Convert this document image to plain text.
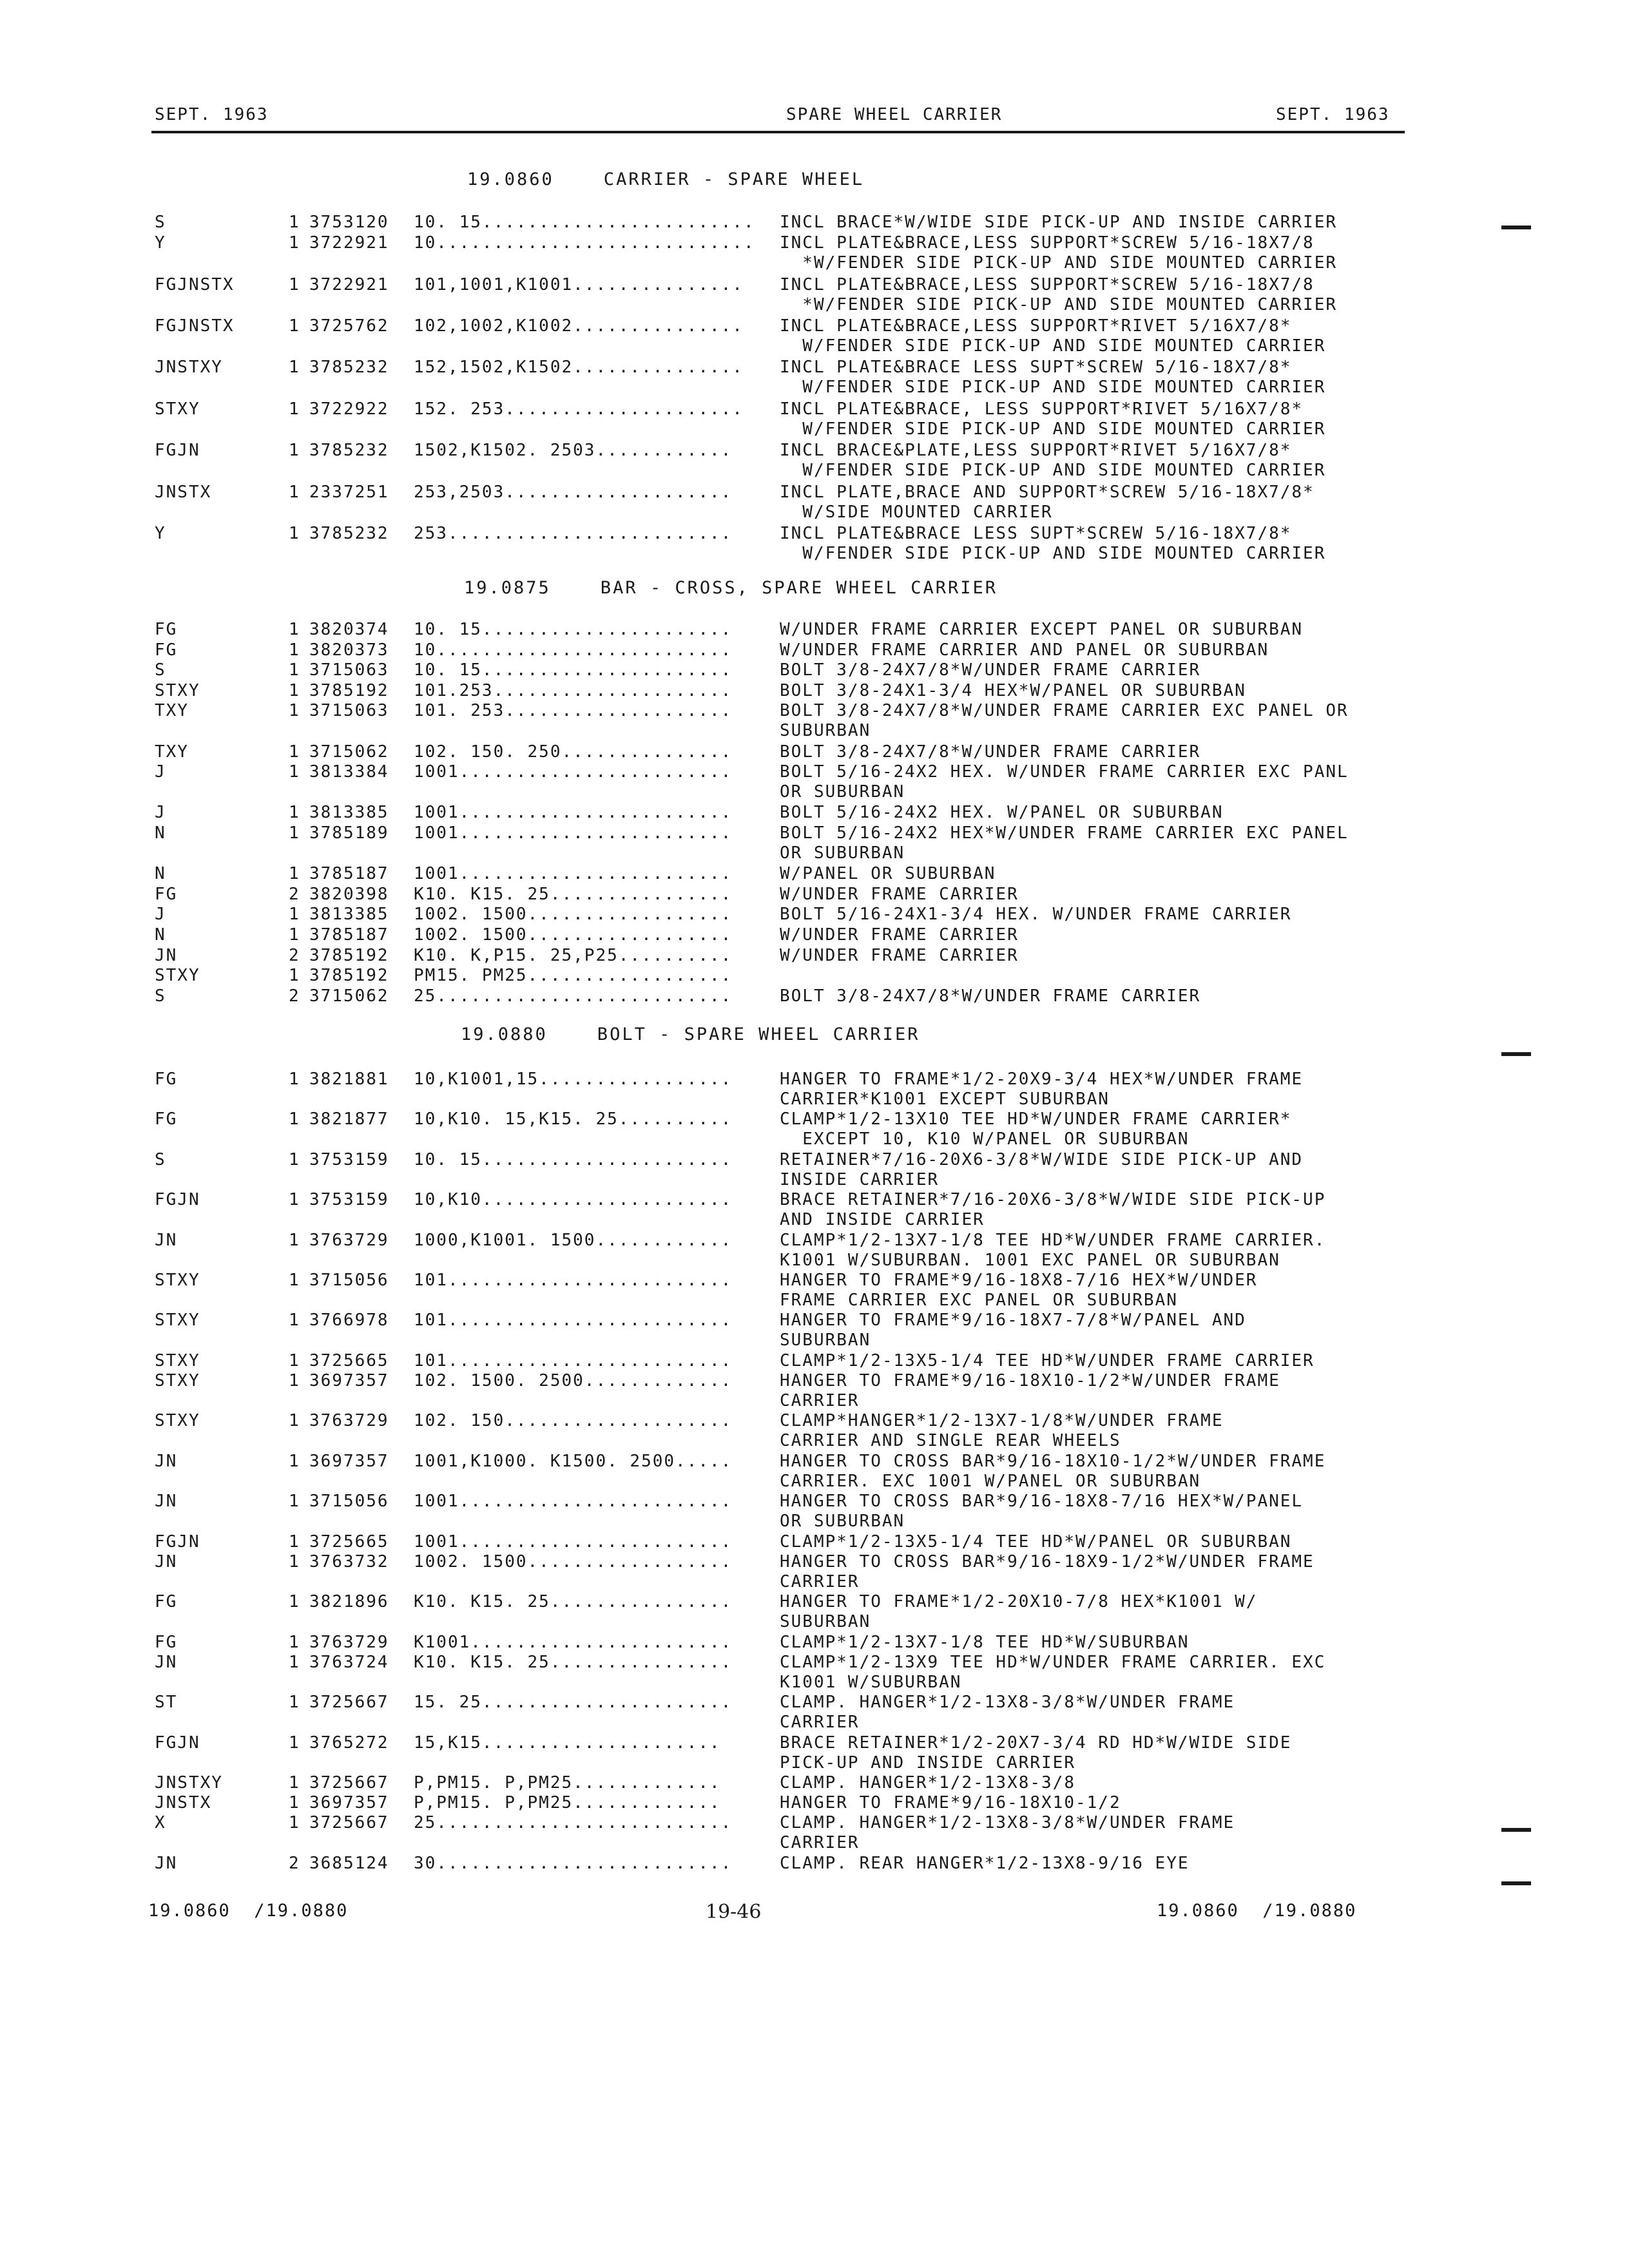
SEPT. 1963	SPARE WHEEL CARRIER	SEPT. 1963
19.0860    CARRIER - SPARE WHEEL
S	1 3753120 10. 15........................ INCL BRACE*W/WIDE SIDE PICK-UP AND INSIDE CARRIER
Y	1 3722921 10............................ INCL PLATE&BRACE,LESS SUPPORT*SCREW 5/16-18X7/8
*W/FENDER SIDE PICK-UP AND SIDE MOUNTED CARRIER
FGJNSTX	1 3722921 101,1001,K1001............... INCL PLATE&BRACE,LESS SUPPORT*SCREW 5/16-18X7/8
*W/FENDER SIDE PICK-UP AND SIDE MOUNTED CARRIER
FGJNSTX	1 3725762 102,1002,K1002............... INCL PLATE&BRACE,LESS SUPPORT*RIVET 5/16X7/8*
W/FENDER SIDE PICK-UP AND SIDE MOUNTED CARRIER
JNSTXY	1 3785232 152,1502,K1502............... INCL PLATE&BRACE LESS SUPT*SCREW 5/16-18X7/8*
W/FENDER SIDE PICK-UP AND SIDE MOUNTED CARRIER
STXY	1 3722922 152. 253..................... INCL PLATE&BRACE, LESS SUPPORT*RIVET 5/16X7/8*
W/FENDER SIDE PICK-UP AND SIDE MOUNTED CARRIER
FGJN	1 3785232 1502,K1502. 2503............	INCL BRACE&PLATE,LESS SUPPORT*RIVET 5/16X7/8*
W/FENDER SIDE PICK-UP AND SIDE MOUNTED CARRIER
JNSTX	1 2337251 253,2503....................	INCL PLATE,BRACE AND SUPPORT*SCREW 5/16-18X7/8*
W/SIDE MOUNTED CARRIER
Y	1 3785232 253.........................	INCL PLATE&BRACE LESS SUPT*SCREW 5/16-18X7/8*
W/FENDER SIDE PICK-UP AND SIDE MOUNTED CARRIER
19.0875    BAR - CROSS, SPARE WHEEL CARRIER
FG	1 3820374 10. 15......................	W/UNDER FRAME CARRIER EXCEPT PANEL OR SUBURBAN
FG	1 3820373 10..........................	W/UNDER FRAME CARRIER AND PANEL OR SUBURBAN
S	1 3715063 10. 15......................	BOLT 3/8-24X7/8*W/UNDER FRAME CARRIER
STXY	1 3785192 101.253.....................	BOLT 3/8-24X1-3/4 HEX*W/PANEL OR SUBURBAN
TXY	1 3715063 101. 253....................	BOLT 3/8-24X7/8*W/UNDER FRAME CARRIER EXC PANEL OR
SUBURBAN
TXY	1 3715062 102. 150. 250...............	BOLT 3/8-24X7/8*W/UNDER FRAME CARRIER
J	1 3813384 1001........................	BOLT 5/16-24X2 HEX. W/UNDER FRAME CARRIER EXC PANL
OR SUBURBAN
J	1 3813385 1001........................	BOLT 5/16-24X2 HEX. W/PANEL OR SUBURBAN
N	1 3785189 1001........................	BOLT 5/16-24X2 HEX*W/UNDER FRAME CARRIER EXC PANEL
OR SUBURBAN
N	1 3785187 1001........................	W/PANEL OR SUBURBAN
FG	2 3820398 K10. K15. 25................	W/UNDER FRAME CARRIER
J	1 3813385 1002. 1500..................	BOLT 5/16-24X1-3/4 HEX. W/UNDER FRAME CARRIER
N	1 3785187 1002. 1500..................	W/UNDER FRAME CARRIER
JN	2 3785192 K10. K,P15. 25,P25..........	W/UNDER FRAME CARRIER
STXY	1 3785192 PM15. PM25..................
S	2 3715062 25..........................	BOLT 3/8-24X7/8*W/UNDER FRAME CARRIER
19.0880    BOLT - SPARE WHEEL CARRIER
FG	1 3821881 10,K1001,15.................	HANGER TO FRAME*1/2-20X9-3/4 HEX*W/UNDER FRAME
CARRIER*K1001 EXCEPT SUBURBAN
FG	1 3821877 10,K10. 15,K15. 25..........	CLAMP*1/2-13X10 TEE HD*W/UNDER FRAME CARRIER*
EXCEPT 10, K10 W/PANEL OR SUBURBAN
S	1 3753159 10. 15......................	RETAINER*7/16-20X6-3/8*W/WIDE SIDE PICK-UP AND
INSIDE CARRIER
FGJN	1 3753159 10,K10......................	BRACE RETAINER*7/16-20X6-3/8*W/WIDE SIDE PICK-UP
AND INSIDE CARRIER
JN	1 3763729 1000,K1001. 1500............	CLAMP*1/2-13X7-1/8 TEE HD*W/UNDER FRAME CARRIER.
K1001 W/SUBURBAN. 1001 EXC PANEL OR SUBURBAN
STXY	1 3715056 101.........................	HANGER TO FRAME*9/16-18X8-7/16 HEX*W/UNDER
FRAME CARRIER EXC PANEL OR SUBURBAN
STXY	1 3766978 101.........................	HANGER TO FRAME*9/16-18X7-7/8*W/PANEL AND
SUBURBAN
STXY	1 3725665 101.........................	CLAMP*1/2-13X5-1/4 TEE HD*W/UNDER FRAME CARRIER
STXY	1 3697357 102. 1500. 2500.............	HANGER TO FRAME*9/16-18X10-1/2*W/UNDER FRAME
CARRIER
STXY	1 3763729 102. 150....................	CLAMP*HANGER*1/2-13X7-1/8*W/UNDER FRAME
CARRIER AND SINGLE REAR WHEELS
JN	1 3697357 1001,K1000. K1500. 2500.....	HANGER TO CROSS BAR*9/16-18X10-1/2*W/UNDER FRAME
CARRIER. EXC 1001 W/PANEL OR SUBURBAN
JN	1 3715056 1001........................	HANGER TO CROSS BAR*9/16-18X8-7/16 HEX*W/PANEL
OR SUBURBAN
FGJN	1 3725665 1001........................	CLAMP*1/2-13X5-1/4 TEE HD*W/PANEL OR SUBURBAN
JN	1 3763732 1002. 1500..................	HANGER TO CROSS BAR*9/16-18X9-1/2*W/UNDER FRAME
CARRIER
FG	1 3821896 K10. K15. 25................	HANGER TO FRAME*1/2-20X10-7/8 HEX*K1001 W/
SUBURBAN
FG	1 3763729 K1001.......................	CLAMP*1/2-13X7-1/8 TEE HD*W/SUBURBAN
JN	1 3763724 K10. K15. 25................	CLAMP*1/2-13X9 TEE HD*W/UNDER FRAME CARRIER. EXC
K1001 W/SUBURBAN
ST	1 3725667 15. 25......................	CLAMP. HANGER*1/2-13X8-3/8*W/UNDER FRAME
CARRIER
FGJN	1 3765272 15,K15.....................	BRACE RETAINER*1/2-20X7-3/4 RD HD*W/WIDE SIDE
PICK-UP AND INSIDE CARRIER
JNSTXY	1 3725667 P,PM15. P,PM25.............	CLAMP. HANGER*1/2-13X8-3/8
JNSTX	1 3697357 P,PM15. P,PM25.............	HANGER TO FRAME*9/16-18X10-1/2
X	1 3725667 25..........................	CLAMP. HANGER*1/2-13X8-3/8*W/UNDER FRAME
CARRIER
JN	2 3685124 30..........................	CLAMP. REAR HANGER*1/2-13X8-9/16 EYE
19.0860  /19.0880	19-46	19.0860  /19.0880
